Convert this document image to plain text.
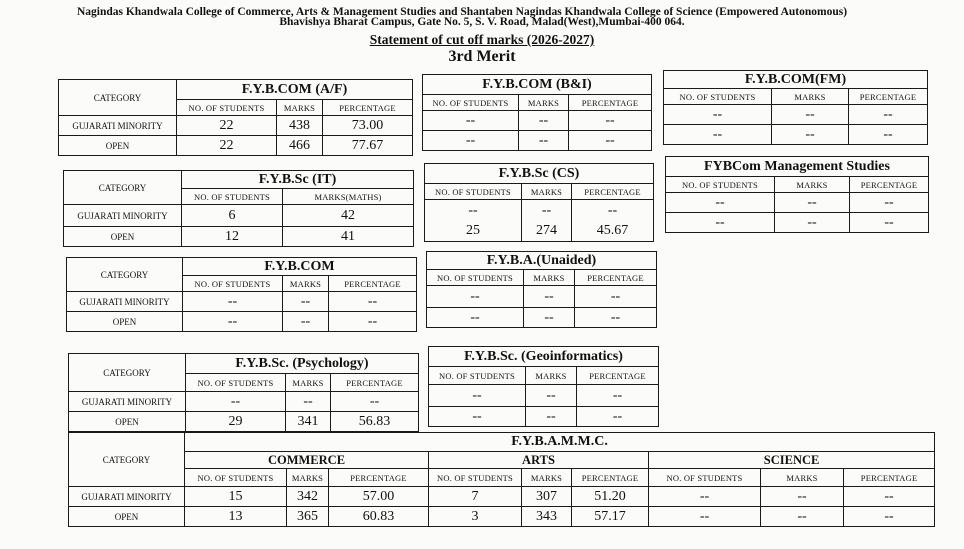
Nagindas Khandwala College of Commerce, Arts & Management Studies and Shantaben Nagindas Khandwala College of Science (Empowered Autonomous)
Bhavishya Bharat Campus, Gate No. 5, S. V. Road, Malad(West),Mumbai-400 064.
Statement of cut off marks (2026-2027)
3rd Merit
CATEGORY	F.Y.B.COM (A/F)		
	NO. OF STUDENTS	MARKS	PERCENTAGE
GUJARATI MINORITY	22	438	73.00
OPEN	22	466	77.67
F.Y.B.COM (B&I)		
NO. OF STUDENTS	MARKS	PERCENTAGE
--	--	--
--	--	--
F.Y.B.COM(FM)		
NO. OF STUDENTS	MARKS	PERCENTAGE
--	--	--
--	--	--
CATEGORY	F.Y.B.Sc (IT)	
	NO. OF STUDENTS	MARKS(MATHS)
GUJARATI MINORITY	6	42
OPEN	12	41
F.Y.B.Sc (CS)		
NO. OF STUDENTS	MARKS	PERCENTAGE
--	--	--
25	274	45.67
FYBCom Management Studies		
NO. OF STUDENTS	MARKS	PERCENTAGE
--	--	--
--	--	--
CATEGORY	F.Y.B.COM		
	NO. OF STUDENTS	MARKS	PERCENTAGE
GUJARATI MINORITY	--	--	--
OPEN	--	--	--
F.Y.B.A.(Unaided)		
NO. OF STUDENTS	MARKS	PERCENTAGE
--	--	--
--	--	--
CATEGORY	F.Y.B.Sc. (Psychology)		
	NO. OF STUDENTS	MARKS	PERCENTAGE
GUJARATI MINORITY	--	--	--
OPEN	29	341	56.83
F.Y.B.Sc. (Geoinformatics)		
NO. OF STUDENTS	MARKS	PERCENTAGE
--	--	--
--	--	--
CATEGORY	F.Y.B.A.M.M.C.								
	COMMERCE			ARTS			SCIENCE		
	NO. OF STUDENTS	MARKS	PERCENTAGE	NO. OF STUDENTS	MARKS	PERCENTAGE	NO. OF STUDENTS	MARKS	PERCENTAGE
GUJARATI MINORITY	15	342	57.00	7	307	51.20	--	--	--
OPEN	13	365	60.83	3	343	57.17	--	--	--
